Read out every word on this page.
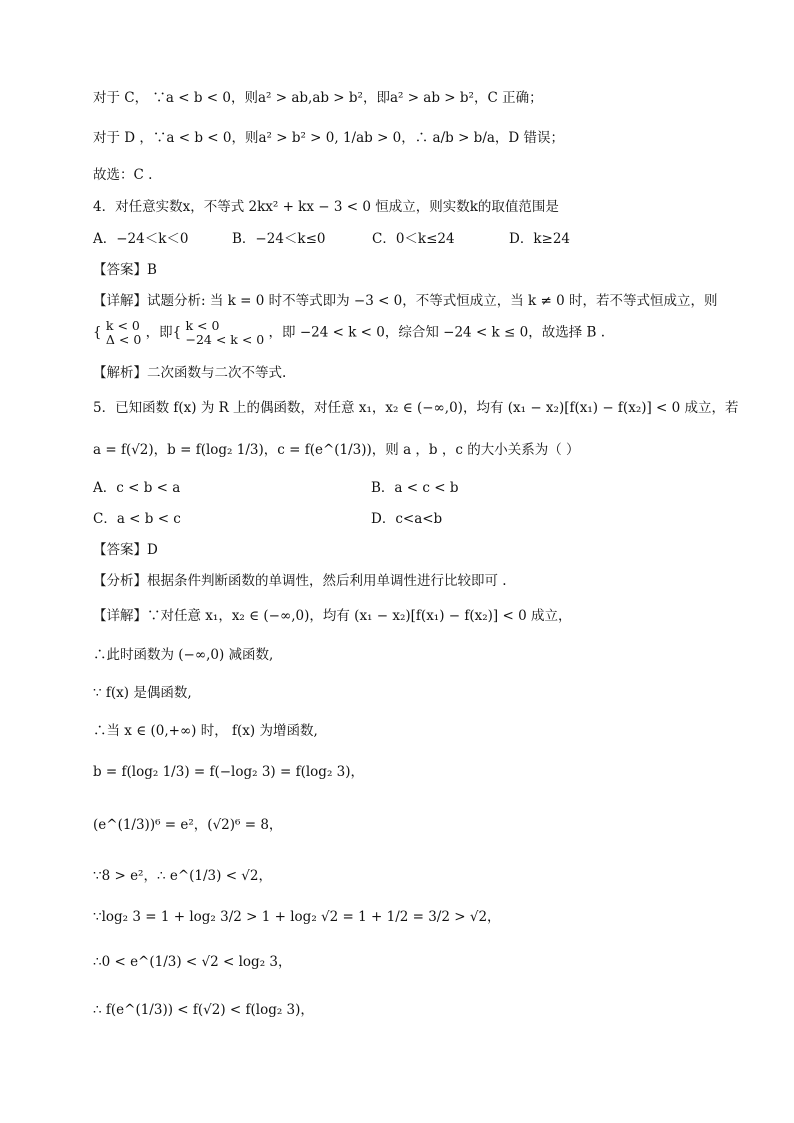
对于 C， ∵a < b < 0，则a² > ab,ab > b²，即a² > ab > b²，C 正确；
对于 D ，∵a < b < 0，则a² > b² > 0, 1/ab > 0，∴ a/b > b/a，D 错误；
故选：C .
4．对任意实数x，不等式 2kx² + kx − 3 < 0 恒成立，则实数k的取值范围是
A．−24＜k＜0	B．−24＜k≤0	C．0＜k≤24	D．k≥24
【答案】B
【详解】试题分析: 当 k = 0 时不等式即为 −3 < 0，不等式恒成立，当 k ≠ 0 时，若不等式恒成立，则
{ k < 0
Δ < 0 ，即{ k < 0
−24 < k < 0 ，即 −24 < k < 0，综合知 −24 < k ≤ 0，故选择 B .
【解析】二次函数与二次不等式.
5．已知函数 f(x) 为 R 上的偶函数，对任意 x₁，x₂ ∈ (−∞,0)，均有 (x₁ − x₂)[f(x₁) − f(x₂)] < 0 成立，若
a = f(√2)，b = f(log₂ 1/3)，c = f(e^(1/3))，则 a ，b ，c 的大小关系为（ ）
A．c < b < a	B．a < c < b
C．a < b < c	D．c<a<b
【答案】D
【分析】根据条件判断函数的单调性，然后利用单调性进行比较即可 .
【详解】∵对任意 x₁，x₂ ∈ (−∞,0)，均有 (x₁ − x₂)[f(x₁) − f(x₂)] < 0 成立，
∴此时函数为 (−∞,0) 减函数,
∵ f(x) 是偶函数,
∴当 x ∈ (0,+∞) 时， f(x) 为增函数,
b = f(log₂ 1/3) = f(−log₂ 3) = f(log₂ 3)，
(e^(1/3))⁶ = e²，(√2)⁶ = 8，
∵8 > e²，∴ e^(1/3) < √2，
∵log₂ 3 = 1 + log₂ 3/2 > 1 + log₂ √2 = 1 + 1/2 = 3/2 > √2，
∴0 < e^(1/3) < √2 < log₂ 3，
∴ f(e^(1/3)) < f(√2) < f(log₂ 3)，
